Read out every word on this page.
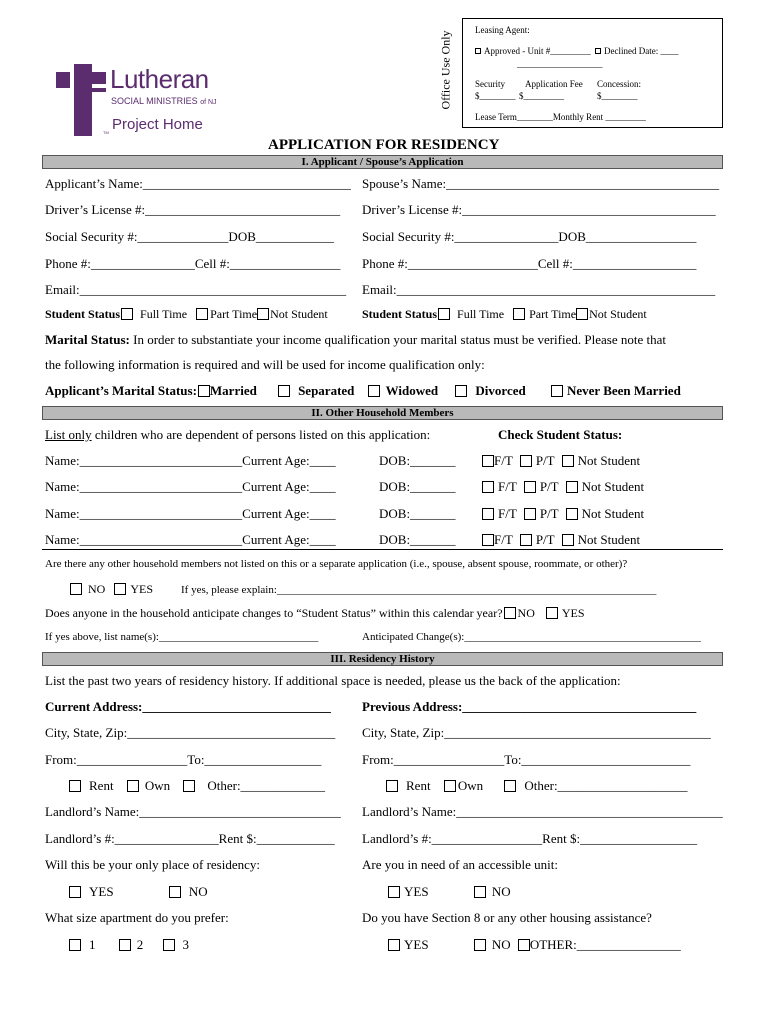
Lutheran
SOCIAL MINISTRIES of NJ
Project Home
TM
Office Use Only
Leasing Agent:
Approved - Unit #_________ Declined Date: ____
___________________
Security Application Fee Concession:
$________ $_________	$________
Lease Term________Monthly Rent _________
APPLICATION FOR RESIDENCY
I. Applicant / Spouse’s Application
Applicant’s Name:________________________________ Spouse’s Name:__________________________________________
Driver’s License #:______________________________ Driver’s License #:_______________________________________
Social Security #:______________DOB____________ Social Security #:________________DOB_________________
Phone #:________________Cell #:_________________ Phone #:____________________Cell #:___________________
Email:_________________________________________ Email:_________________________________________________
Student Status Full Time Part Time Not Student	Student Status Full Time Part Time Not Student
Marital Status: In order to substantiate your income qualification your marital status must be verified. Please note that
the following information is required and will be used for income qualification only:
Applicant’s Marital Status: Married	Separated Widowed	Divorced	Never Been Married
II. Other Household Members
List only children who are dependent of persons listed on this application:	Check Student Status:
Name:_________________________Current Age:____	DOB:_______	F/T P/T Not Student
Name:_________________________Current Age:____	DOB:_______	F/T P/T Not Student
Name:_________________________Current Age:____	DOB:_______	F/T P/T Not Student
Name:_________________________Current Age:____	DOB:_______	F/T P/T Not Student
Are there any other household members not listed on this or a separate application (i.e., spouse, absent spouse, roommate, or other)?
NO YES	If yes, please explain:_____________________________________________________________________
Does anyone in the household anticipate changes to “Student Status” within this calendar year? NO YES
If yes above, list name(s):_____________________________	Anticipated Change(s):___________________________________________
III. Residency History
List the past two years of residency history. If additional space is needed, please us the back of the application:
Current Address:_____________________________ Previous Address:____________________________________
City, State, Zip:________________________________ City, State, Zip:_________________________________________
From:_________________To:__________________	From:_________________To:__________________________
Rent Own	Other:_____________	Rent Own	Other:____________________
Landlord’s Name:_______________________________ Landlord’s Name:_________________________________________
Landlord’s #:________________Rent $:____________ Landlord’s #:_________________Rent $:__________________
Will this be your only place of residency:	Are you in need of an accessible unit:
YES	NO	YES	NO
What size apartment do you prefer:	Do you have Section 8 or any other housing assistance?
1	2	3	YES	NO OTHER:________________
